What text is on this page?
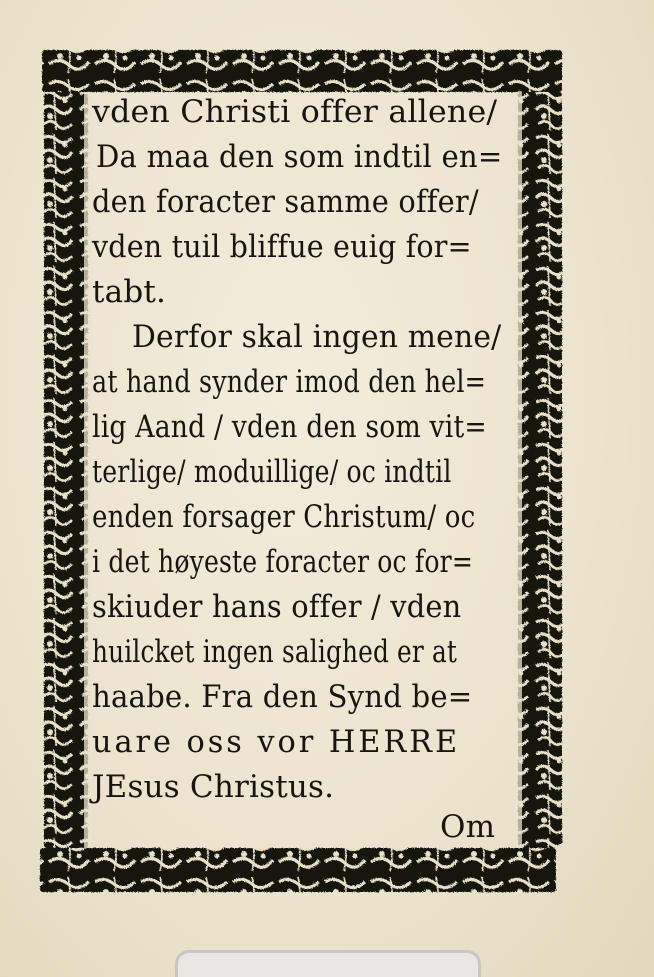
vden Christi offer allene/
Da maa den som indtil en=
den foracter samme offer/
vden tuil bliffue euig for=
tabt.
Derfor skal ingen mene/
at hand synder imod den hel=
lig Aand / vden den som vit=
terlige/ moduillige/ oc indtil
enden forsager Christum/ oc
i det høyeste foracter oc for=
skiuder hans offer / vden
huilcket ingen salighed er at
haabe. Fra den Synd be=
uare oss vor HERRE
JEsus Christus.
Om
